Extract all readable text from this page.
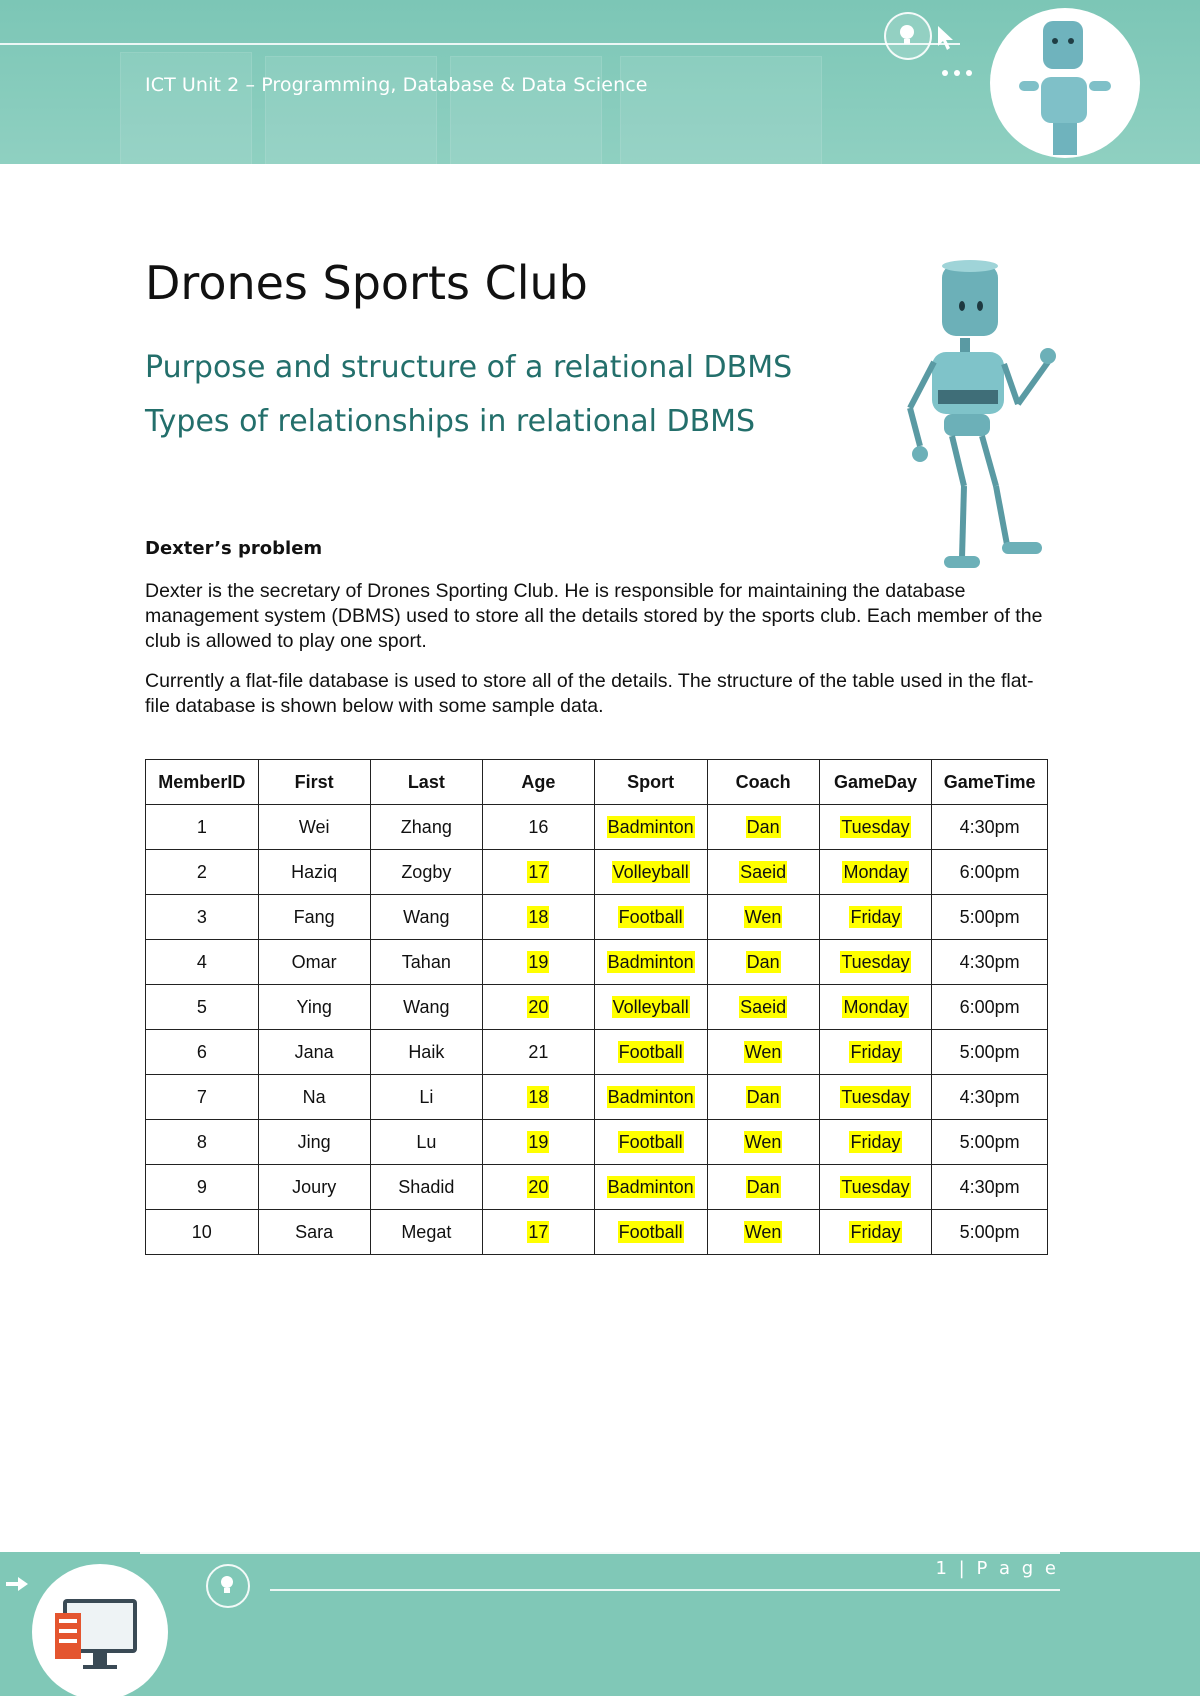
ICT Unit 2 – Programming, Database & Data Science
Drones Sports Club
Purpose and structure of a relational DBMS
Types of relationships in relational DBMS
Dexter’s problem

Dexter is the secretary of Drones Sporting Club. He is responsible for maintaining the database management system (DBMS) used to store all the details stored by the sports club. Each member of the club is allowed to play one sport.

Currently a flat-file database is used to store all of the details. The structure of the table used in the flat-file database is shown below with some sample data.

MemberID	First	Last	Age	Sport	Coach	GameDay	GameTime
1	Wei	Zhang	16	Badminton	Dan	Tuesday	4:30pm
2	Haziq	Zogby	17	Volleyball	Saeid	Monday	6:00pm
3	Fang	Wang	18	Football	Wen	Friday	5:00pm
4	Omar	Tahan	19	Badminton	Dan	Tuesday	4:30pm
5	Ying	Wang	20	Volleyball	Saeid	Monday	6:00pm
6	Jana	Haik	21	Football	Wen	Friday	5:00pm
7	Na	Li	18	Badminton	Dan	Tuesday	4:30pm
8	Jing	Lu	19	Football	Wen	Friday	5:00pm
9	Joury	Shadid	20	Badminton	Dan	Tuesday	4:30pm
10	Sara	Megat	17	Football	Wen	Friday	5:00pm
1 | P a g e
